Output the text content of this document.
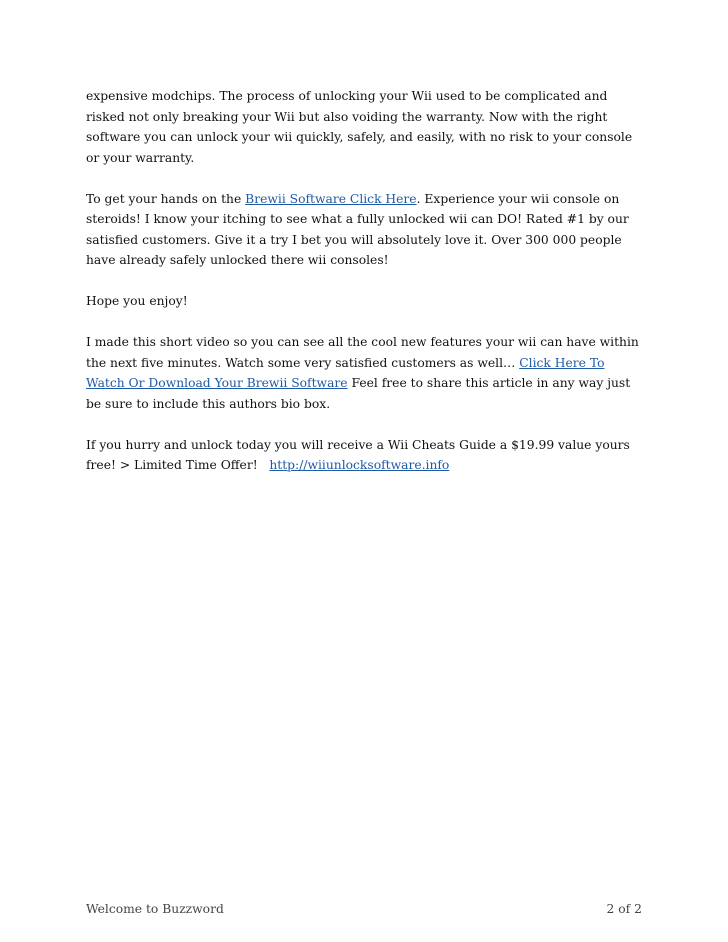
expensive modchips. The process of unlocking your Wii used to be complicated and risked not only breaking your Wii but also voiding the warranty. Now with the right software you can unlock your wii quickly, safely, and easily, with no risk to your console or your warranty.

To get your hands on the Brewii Software Click Here. Experience your wii console on steroids! I know your itching to see what a fully unlocked wii can DO! Rated #1 by our satisfied customers. Give it a try I bet you will absolutely love it. Over 300 000 people have already safely unlocked there wii consoles!

Hope you enjoy!

I made this short video so you can see all the cool new features your wii can have within the next five minutes. Watch some very satisfied customers as well… Click Here To Watch Or Download Your Brewii Software Feel free to share this article in any way just be sure to include this authors bio box.

If you hurry and unlock today you will receive a Wii Cheats Guide a $19.99 value yours free! > Limited Time Offer!   http://wiiunlocksoftware.info

Welcome to Buzzword	2 of 2
